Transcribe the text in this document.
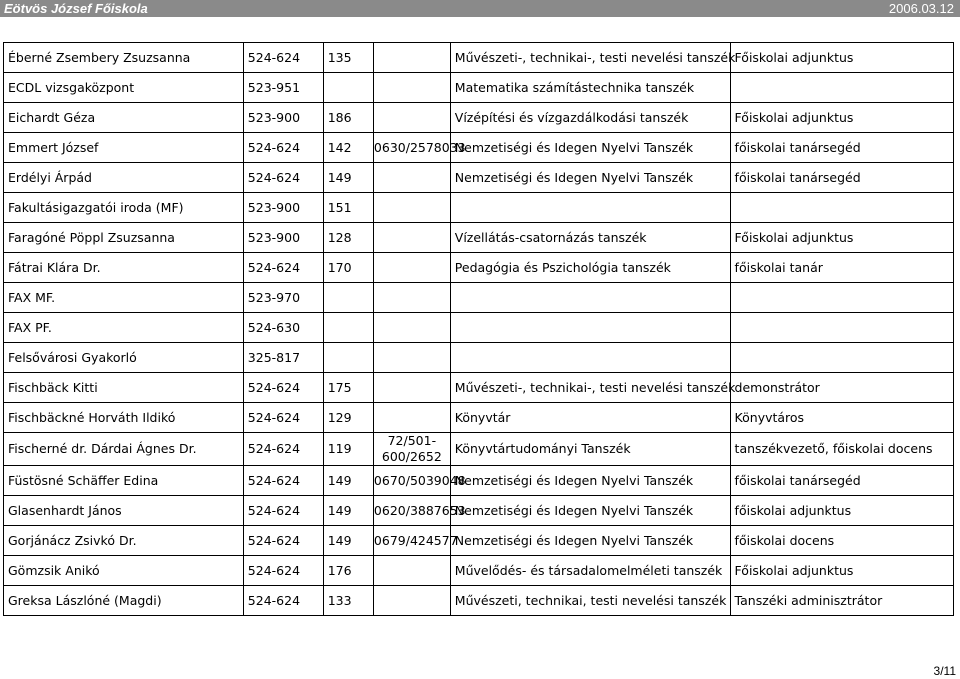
Eötvös József Főiskola	2006.03.12
Éberné Zsembery Zsuzsanna	524-624	135		Művészeti-, technikai-, testi nevelési tanszék	Főiskolai adjunktus
ECDL vizsgaközpont	523-951			Matematika számítástechnika tanszék	
Eichardt Géza	523-900	186		Vízépítési és vízgazdálkodási tanszék	Főiskolai adjunktus
Emmert József	524-624	142	0630/2578033	Nemzetiségi és Idegen Nyelvi Tanszék	főiskolai tanársegéd
Erdélyi Árpád	524-624	149		Nemzetiségi és Idegen Nyelvi Tanszék	főiskolai tanársegéd
Fakultásigazgatói iroda (MF)	523-900	151			
Faragóné Pöppl Zsuzsanna	523-900	128		Vízellátás-csatornázás tanszék	Főiskolai adjunktus
Fátrai Klára Dr.	524-624	170		Pedagógia és Pszichológia tanszék	főiskolai tanár
FAX MF.	523-970				
FAX PF.	524-630				
Felsővárosi Gyakorló	325-817				
Fischbäck Kitti	524-624	175		Művészeti-, technikai-, testi nevelési tanszék	demonstrátor
Fischbäckné Horváth Ildikó	524-624	129		Könyvtár	Könyvtáros
Fischerné dr. Dárdai Ágnes Dr.	524-624	119	72/501-600/2652	Könyvtártudományi Tanszék	tanszékvezető, főiskolai docens
Füstösné Schäffer Edina	524-624	149	0670/5039048	Nemzetiségi és Idegen Nyelvi Tanszék	főiskolai tanársegéd
Glasenhardt János	524-624	149	0620/3887653	Nemzetiségi és Idegen Nyelvi Tanszék	főiskolai adjunktus
Gorjánácz Zsivkó Dr.	524-624	149	0679/424577	Nemzetiségi és Idegen Nyelvi Tanszék	főiskolai docens
Gömzsik Anikó	524-624	176		Művelődés- és társadalomelméleti tanszék	Főiskolai adjunktus
Greksa Lászlóné (Magdi)	524-624	133		Művészeti, technikai, testi nevelési tanszék	Tanszéki adminisztrátor
3/11
